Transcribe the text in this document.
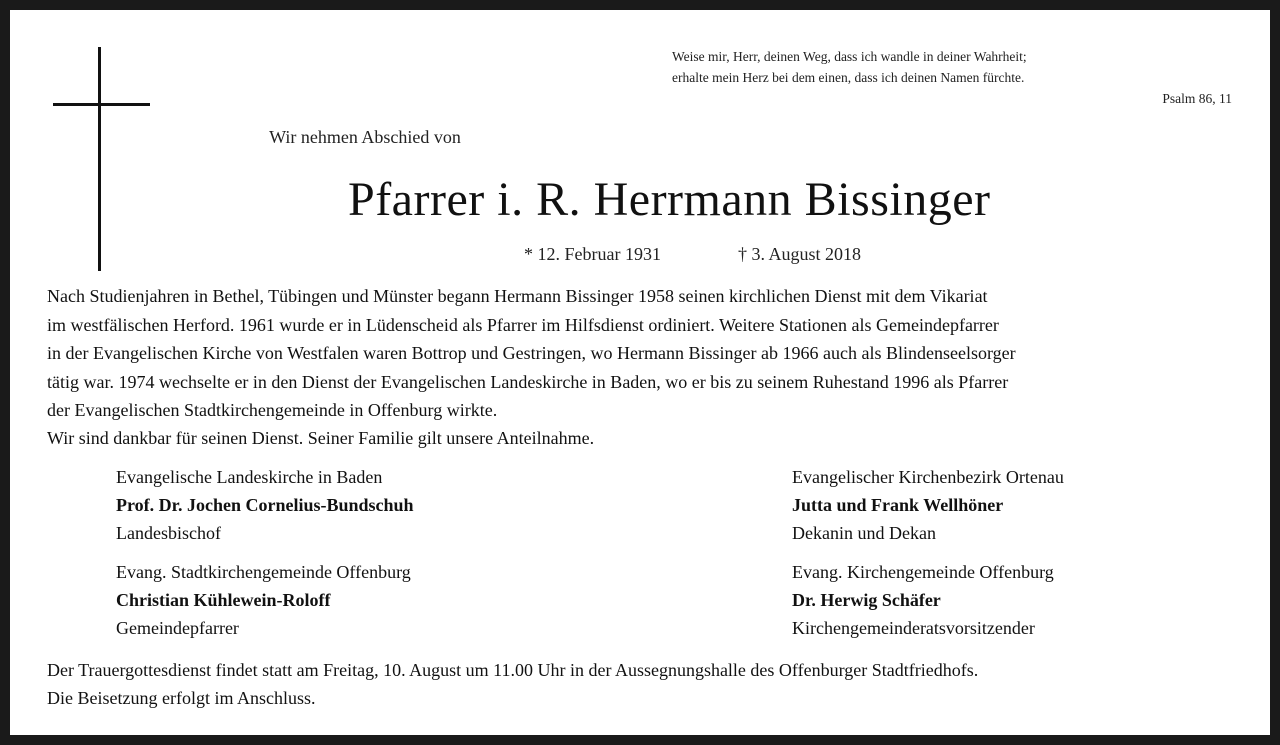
Weise mir, Herr, deinen Weg, dass ich wandle in deiner Wahrheit;
erhalte mein Herz bei dem einen, dass ich deinen Namen fürchte.
Psalm 86, 11
Wir nehmen Abschied von
Pfarrer i. R. Herrmann Bissinger
* 12. Februar 1931	† 3. August 2018
Nach Studienjahren in Bethel, Tübingen und Münster begann Hermann Bissinger 1958 seinen kirchlichen Dienst mit dem Vikariat
im westfälischen Herford. 1961 wurde er in Lüdenscheid als Pfarrer im Hilfsdienst ordiniert. Weitere Stationen als Gemeindepfarrer
in der Evangelischen Kirche von Westfalen waren Bottrop und Gestringen, wo Hermann Bissinger ab 1966 auch als Blindenseelsorger
tätig war. 1974 wechselte er in den Dienst der Evangelischen Landeskirche in Baden, wo er bis zu seinem Ruhestand 1996 als Pfarrer
der Evangelischen Stadtkirchengemeinde in Offenburg wirkte.
Wir sind dankbar für seinen Dienst. Seiner Familie gilt unsere Anteilnahme.
Evangelische Landeskirche in Baden
Prof. Dr. Jochen Cornelius-Bundschuh
Landesbischof
Evangelischer Kirchenbezirk Ortenau
Jutta und Frank Wellhöner
Dekanin und Dekan
Evang. Stadtkirchengemeinde Offenburg
Christian Kühlewein-Roloff
Gemeindepfarrer
Evang. Kirchengemeinde Offenburg
Dr. Herwig Schäfer
Kirchengemeinderatsvorsitzender
Der Trauergottesdienst findet statt am Freitag, 10. August um 11.00 Uhr in der Aussegnungshalle des Offenburger Stadtfriedhofs.
Die Beisetzung erfolgt im Anschluss.
